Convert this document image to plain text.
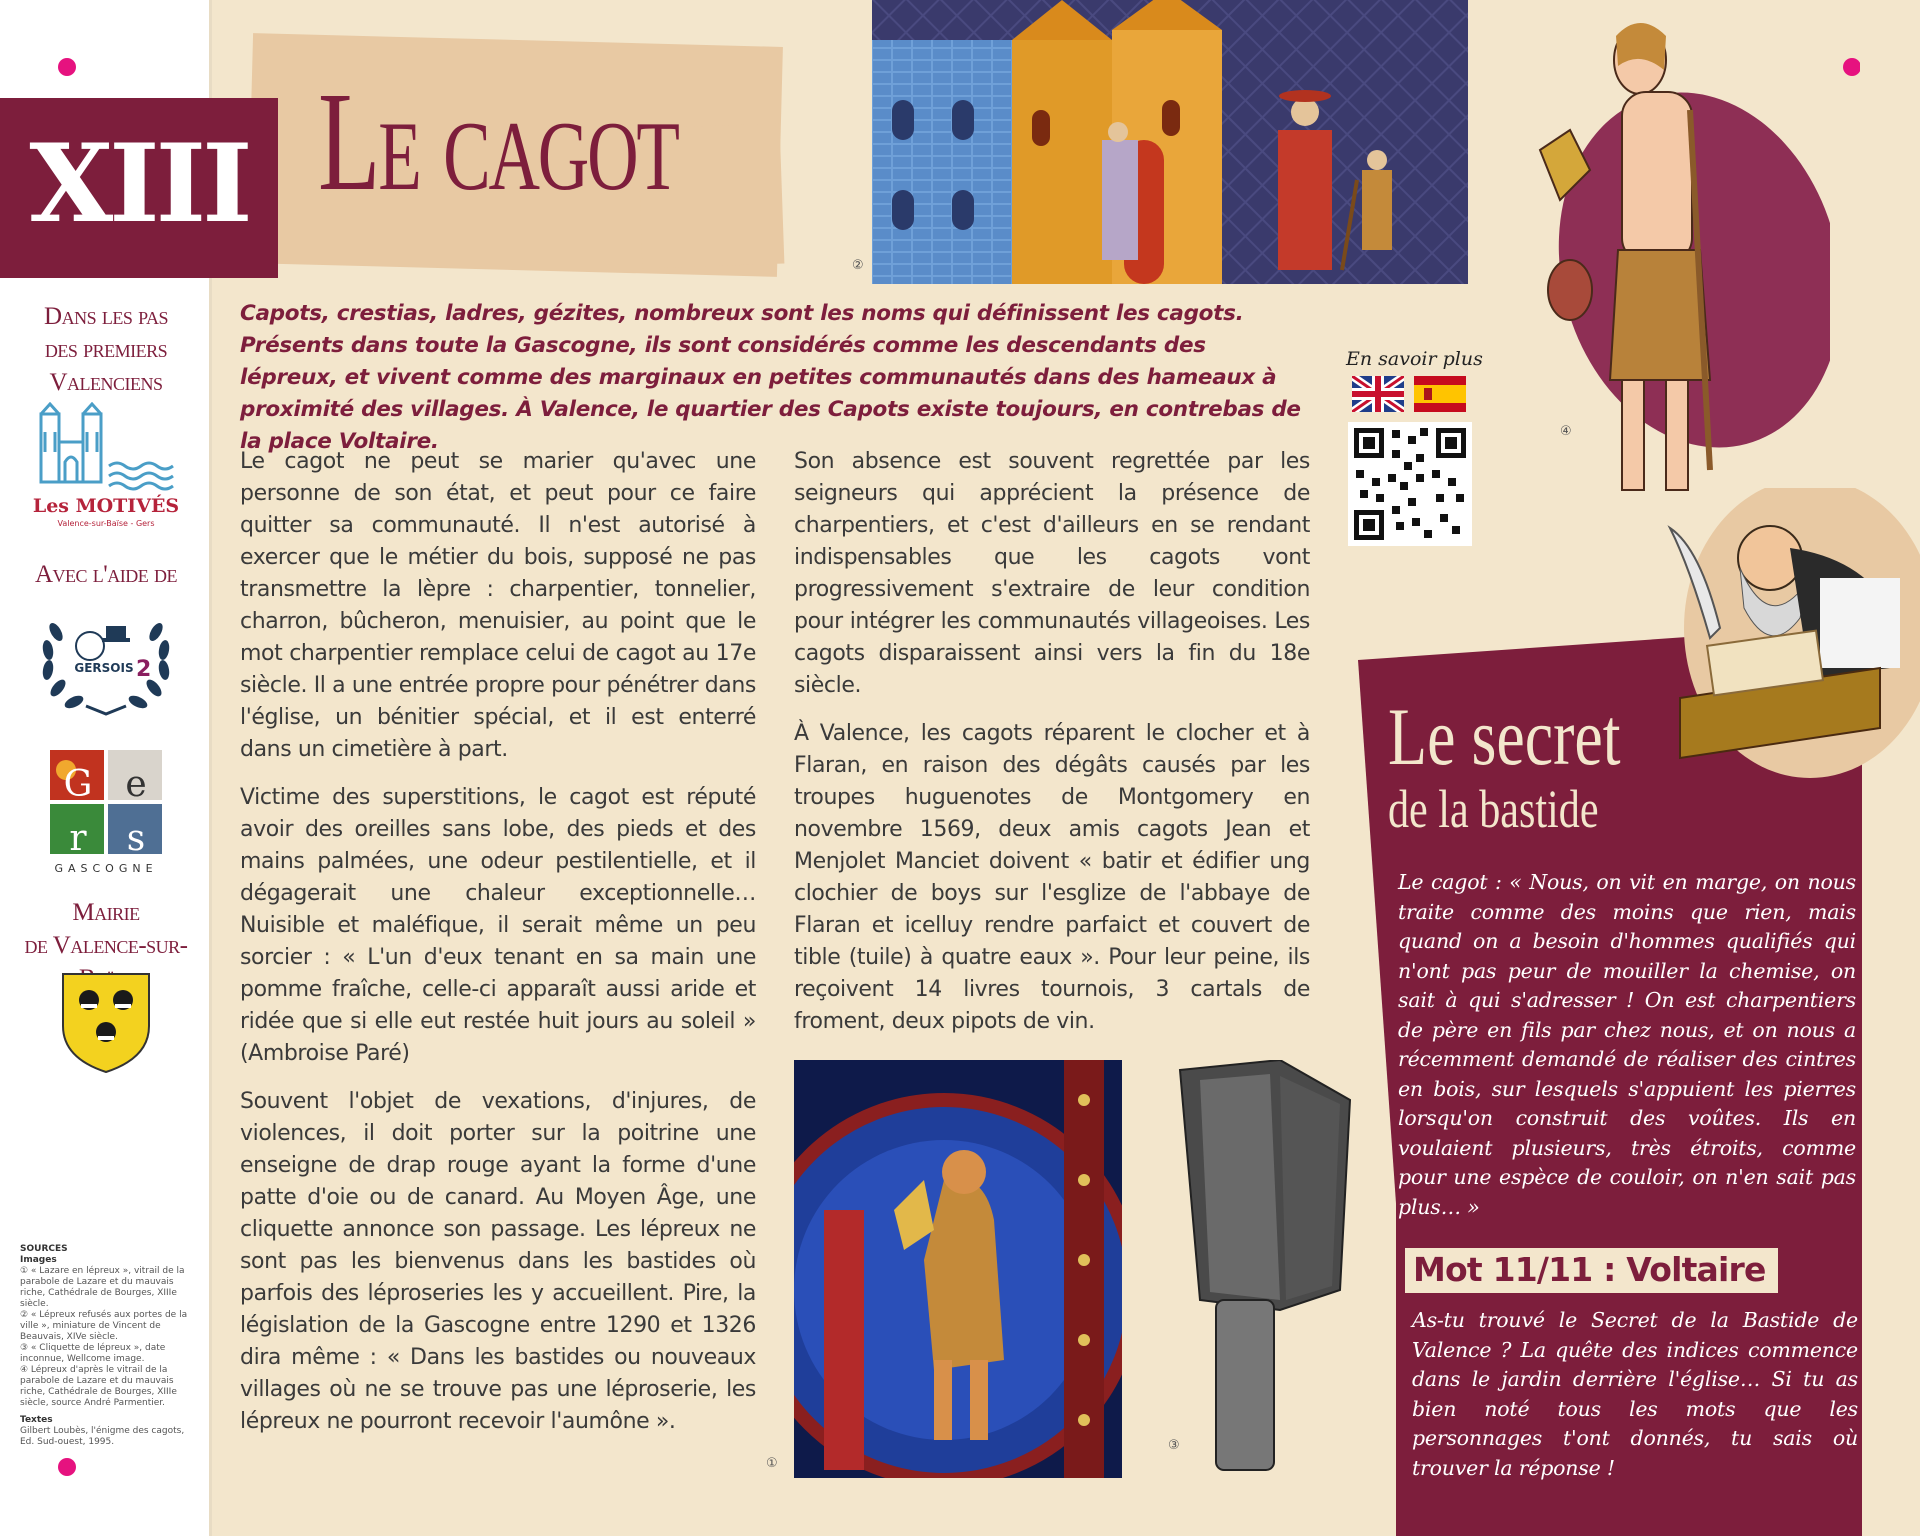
XIII
Dans les pas
des premiers Valenciens
Les MOTIVÉS
Valence-sur-Baïse - Gers
Avec l'aide de
GERSOIS 2
G e
r s
GASCOGNE
Mairie
de Valence-sur-
SOURCES
Images
① « Lazare en lépreux », vitrail de la parabole de Lazare et du mauvais riche, Cathédrale de Bourges, XIIIe siècle.
② « Lépreux refusés aux portes de la ville », miniature de Vincent de Beauvais, XIVe siècle.
③ « Cliquette de lépreux », date inconnue, Wellcome image.
④ Lépreux d'après le vitrail de la parabole de Lazare et du mauvais riche, Cathédrale de Bourges, XIIIe siècle, source André Parmentier.
Textes
Gilbert Loubès, l'énigme des cagots, Ed. Sud-ouest, 1995.
Le cagot
②
④
Capots, crestias, ladres, gézites, nombreux sont les noms qui définissent les cagots. Présents dans toute la Gascogne, ils sont considérés comme les descendants des lépreux, et vivent comme des marginaux en petites communautés dans des hameaux à proximité des villages. À Valence, le quartier des Capots existe toujours, en contrebas de la place Voltaire.

Le cagot ne peut se marier qu'avec une personne de son état, et peut pour ce faire quitter sa communauté. Il n'est autorisé à exercer que le métier du bois, supposé ne pas transmettre la lèpre : charpentier, tonnelier, charron, bûcheron, menuisier, au point que le mot charpentier remplace celui de cagot au 17e siècle. Il a une entrée propre pour pénétrer dans l'église, un bénitier spécial, et il est enterré dans un cimetière à part.

Victime des superstitions, le cagot est réputé avoir des oreilles sans lobe, des pieds et des mains palmées, une odeur pestilentielle, et il dégagerait une chaleur exceptionnelle… Nuisible et maléfique, il serait même un peu sorcier : « L'un d'eux tenant en sa main une pomme fraîche, celle-ci apparaît aussi aride et ridée que si elle eut restée huit jours au soleil » (Ambroise Paré)

Souvent l'objet de vexations, d'injures, de violences, il doit porter sur la poitrine une enseigne de drap rouge ayant la forme d'une patte d'oie ou de canard. Au Moyen Âge, une cliquette annonce son passage. Les lépreux ne sont pas les bienvenus dans les bastides où parfois des léproseries les y accueillent. Pire, la législation de la Gascogne entre 1290 et 1326 dira même : « Dans les bastides ou nouveaux villages où ne se trouve pas une léproserie, les lépreux ne pourront recevoir l'aumône ».

Son absence est souvent regrettée par les seigneurs qui apprécient la présence de charpentiers, et c'est d'ailleurs en se rendant indispensables que les cagots vont progressivement s'extraire de leur condition pour intégrer les communautés villageoises. Les cagots disparaissent ainsi vers la fin du 18e siècle.

À Valence, les cagots réparent le clocher et à Flaran, en raison des dégâts causés par les troupes huguenotes de Montgomery en novembre 1569, deux amis cagots Jean et Menjolet Manciet doivent « batir et édifier ung clochier de boys sur l'esglize de l'abbaye de Flaran et icelluy rendre parfaict et couvert de tible (tuile) à quatre eaux ». Pour leur peine, ils reçoivent 14 livres tournois, 3 cartals de froment, deux pipots de vin.

①
③
En savoir plus
Le secret
de la bastide
Le cagot : « Nous, on vit en marge, on nous traite comme des moins que rien, mais quand on a besoin d'hommes qualifiés qui n'ont pas peur de mouiller la chemise, on sait à qui s'adresser ! On est charpentiers de père en fils par chez nous, et on nous a récemment demandé de réaliser des cintres en bois, sur lesquels s'appuient les pierres lorsqu'on construit des voûtes. Ils en voulaient plusieurs, très étroits, comme pour une espèce de couloir, on n'en sait pas plus… »
Mot 11/11 : Voltaire
As-tu trouvé le Secret de la Bastide de Valence ? La quête des indices commence dans le jardin derrière l'église… Si tu as bien noté tous les mots que les personnages t'ont donnés, tu sais où trouver la réponse !
